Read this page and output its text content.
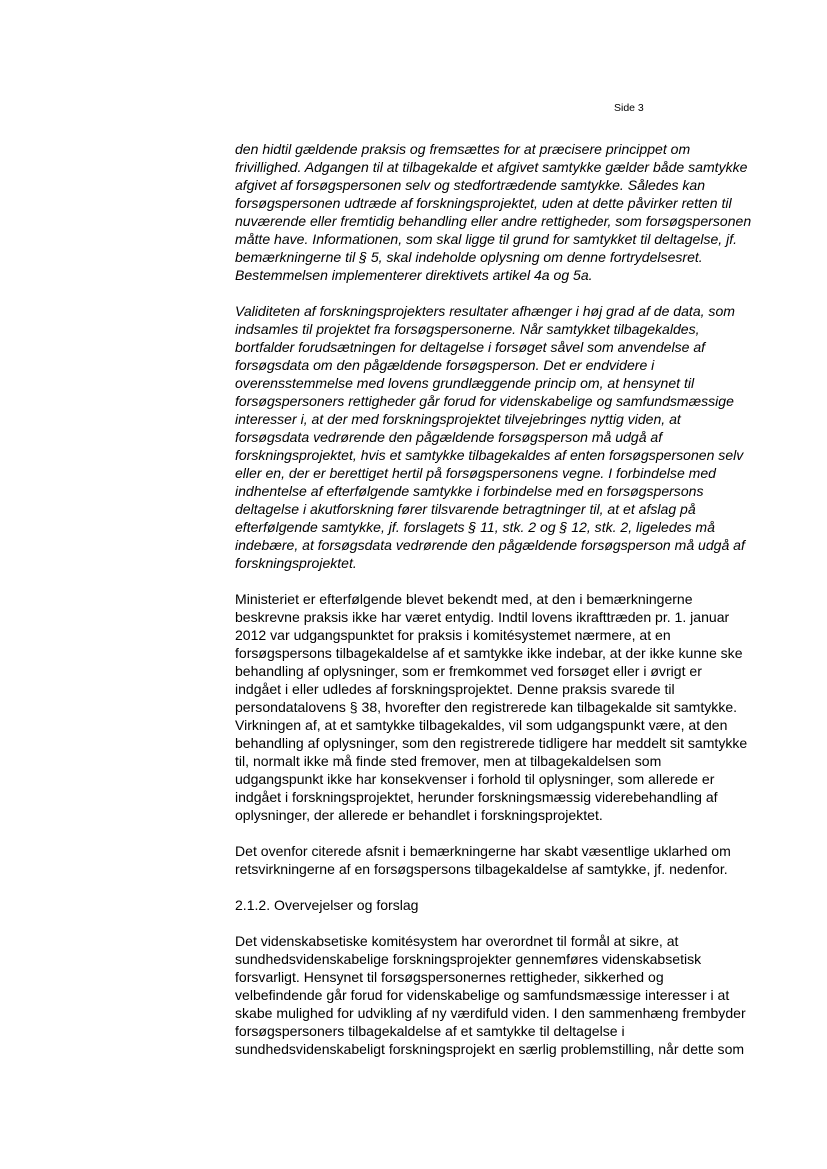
Side 3

den hidtil gældende praksis og fremsættes for at præcisere princippet om
frivillighed. Adgangen til at tilbagekalde et afgivet samtykke gælder både samtykke
afgivet af forsøgspersonen selv og stedfortrædende samtykke. Således kan
forsøgspersonen udtræde af forskningsprojektet, uden at dette påvirker retten til
nuværende eller fremtidig behandling eller andre rettigheder, som forsøgspersonen
måtte have. Informationen, som skal ligge til grund for samtykket til deltagelse, jf.
bemærkningerne til § 5, skal indeholde oplysning om denne fortrydelsesret.
Bestemmelsen implementerer direktivets artikel 4a og 5a.

Validiteten af forskningsprojekters resultater afhænger i høj grad af de data, som
indsamles til projektet fra forsøgspersonerne. Når samtykket tilbagekaldes,
bortfalder forudsætningen for deltagelse i forsøget såvel som anvendelse af
forsøgsdata om den pågældende forsøgsperson. Det er endvidere i
overensstemmelse med lovens grundlæggende princip om, at hensynet til
forsøgspersoners rettigheder går forud for videnskabelige og samfundsmæssige
interesser i, at der med forskningsprojektet tilvejebringes nyttig viden, at
forsøgsdata vedrørende den pågældende forsøgsperson må udgå af
forskningsprojektet, hvis et samtykke tilbagekaldes af enten forsøgspersonen selv
eller en, der er berettiget hertil på forsøgspersonens vegne. I forbindelse med
indhentelse af efterfølgende samtykke i forbindelse med en forsøgspersons
deltagelse i akutforskning fører tilsvarende betragtninger til, at et afslag på
efterfølgende samtykke, jf. forslagets § 11, stk. 2 og § 12, stk. 2, ligeledes må
indebære, at forsøgsdata vedrørende den pågældende forsøgsperson må udgå af
forskningsprojektet.

Ministeriet er efterfølgende blevet bekendt med, at den i bemærkningerne
beskrevne praksis ikke har været entydig. Indtil lovens ikrafttræden pr. 1. januar
2012 var udgangspunktet for praksis i komitésystemet nærmere, at en
forsøgspersons tilbagekaldelse af et samtykke ikke indebar, at der ikke kunne ske
behandling af oplysninger, som er fremkommet ved forsøget eller i øvrigt er
indgået i eller udledes af forskningsprojektet. Denne praksis svarede til
persondatalovens § 38, hvorefter den registrerede kan tilbagekalde sit samtykke.
Virkningen af, at et samtykke tilbagekaldes, vil som udgangspunkt være, at den
behandling af oplysninger, som den registrerede tidligere har meddelt sit samtykke
til, normalt ikke må finde sted fremover, men at tilbagekaldelsen som
udgangspunkt ikke har konsekvenser i forhold til oplysninger, som allerede er
indgået i forskningsprojektet, herunder forskningsmæssig viderebehandling af
oplysninger, der allerede er behandlet i forskningsprojektet.

Det ovenfor citerede afsnit i bemærkningerne har skabt væsentlige uklarhed om
retsvirkningerne af en forsøgspersons tilbagekaldelse af samtykke, jf. nedenfor.

2.1.2. Overvejelser og forslag

Det videnskabsetiske komitésystem har overordnet til formål at sikre, at
sundhedsvidenskabelige forskningsprojekter gennemføres videnskabsetisk
forsvarligt. Hensynet til forsøgspersonernes rettigheder, sikkerhed og
velbefindende går forud for videnskabelige og samfundsmæssige interesser i at
skabe mulighed for udvikling af ny værdifuld viden. I den sammenhæng frembyder
forsøgspersoners tilbagekaldelse af et samtykke til deltagelse i
sundhedsvidenskabeligt forskningsprojekt en særlig problemstilling, når dette som
